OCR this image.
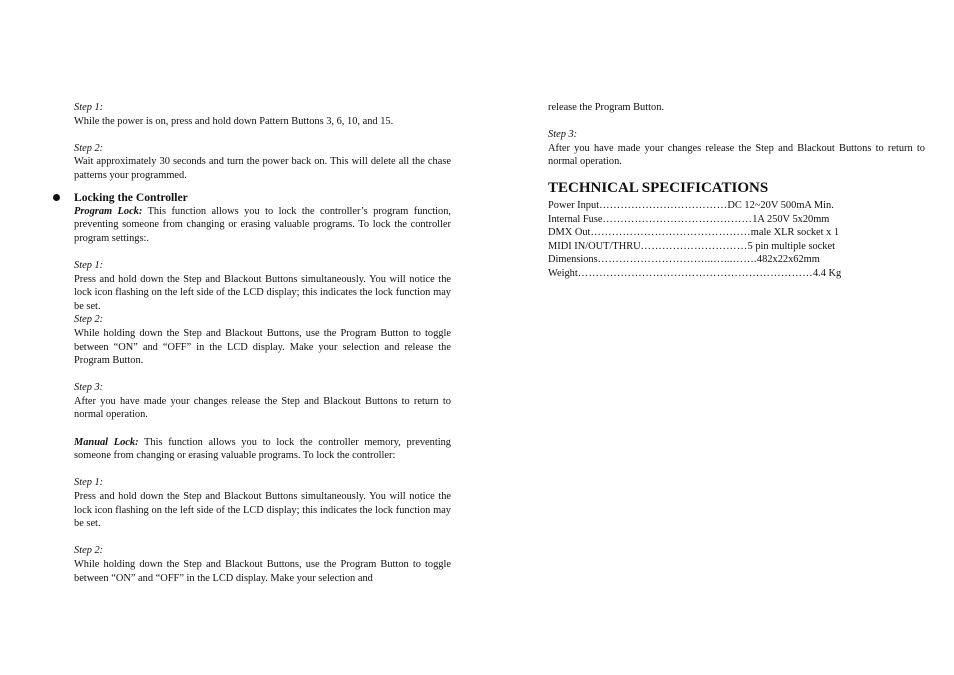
Step 1:

While the power is on, press and hold down Pattern Buttons 3, 6, 10, and 15.

Step 2:

Wait approximately 30 seconds and turn the power back on. This will delete all the chase patterns your programmed.

Locking the Controller

Program Lock: This function allows you to lock the controller’s program function, preventing someone from changing or erasing valuable programs. To lock the controller program settings:.

Step 1:

Press and hold down the Step and Blackout Buttons simultaneously. You will notice the lock icon flashing on the left side of the LCD display; this indicates the lock function may be set.

Step 2:

While holding down the Step and Blackout Buttons, use the Program Button to toggle between “ON” and “OFF” in the LCD display. Make your selection and release the Program Button.

Step 3:

After you have made your changes release the Step and Blackout Buttons to return to normal operation.

Manual Lock: This function allows you to lock the controller memory, preventing someone from changing or erasing valuable programs. To lock the controller:

Step 1:

Press and hold down the Step and Blackout Buttons simultaneously. You will notice the lock icon flashing on the left side of the LCD display; this indicates the lock function may be set.

Step 2:

While holding down the Step and Blackout Buttons, use the Program Button to toggle between “ON” and “OFF” in the LCD display. Make your selection and

release the Program Button.

Step 3:

After you have made your changes release the Step and Blackout Buttons to return to normal operation.

TECHNICAL SPECIFICATIONS
Power Input ……………………………… DC 12~20V 500mA Min.
Internal Fuse …………………………………… 1A 250V 5x20mm
DMX Out ……………………………………… male XLR socket x 1
MIDI IN/OUT/THRU ………………………… 5 pin multiple socket
Dimensions …………………………...…...……. 482x22x62mm
Weight ………………………………………………………… 4.4 Kg
